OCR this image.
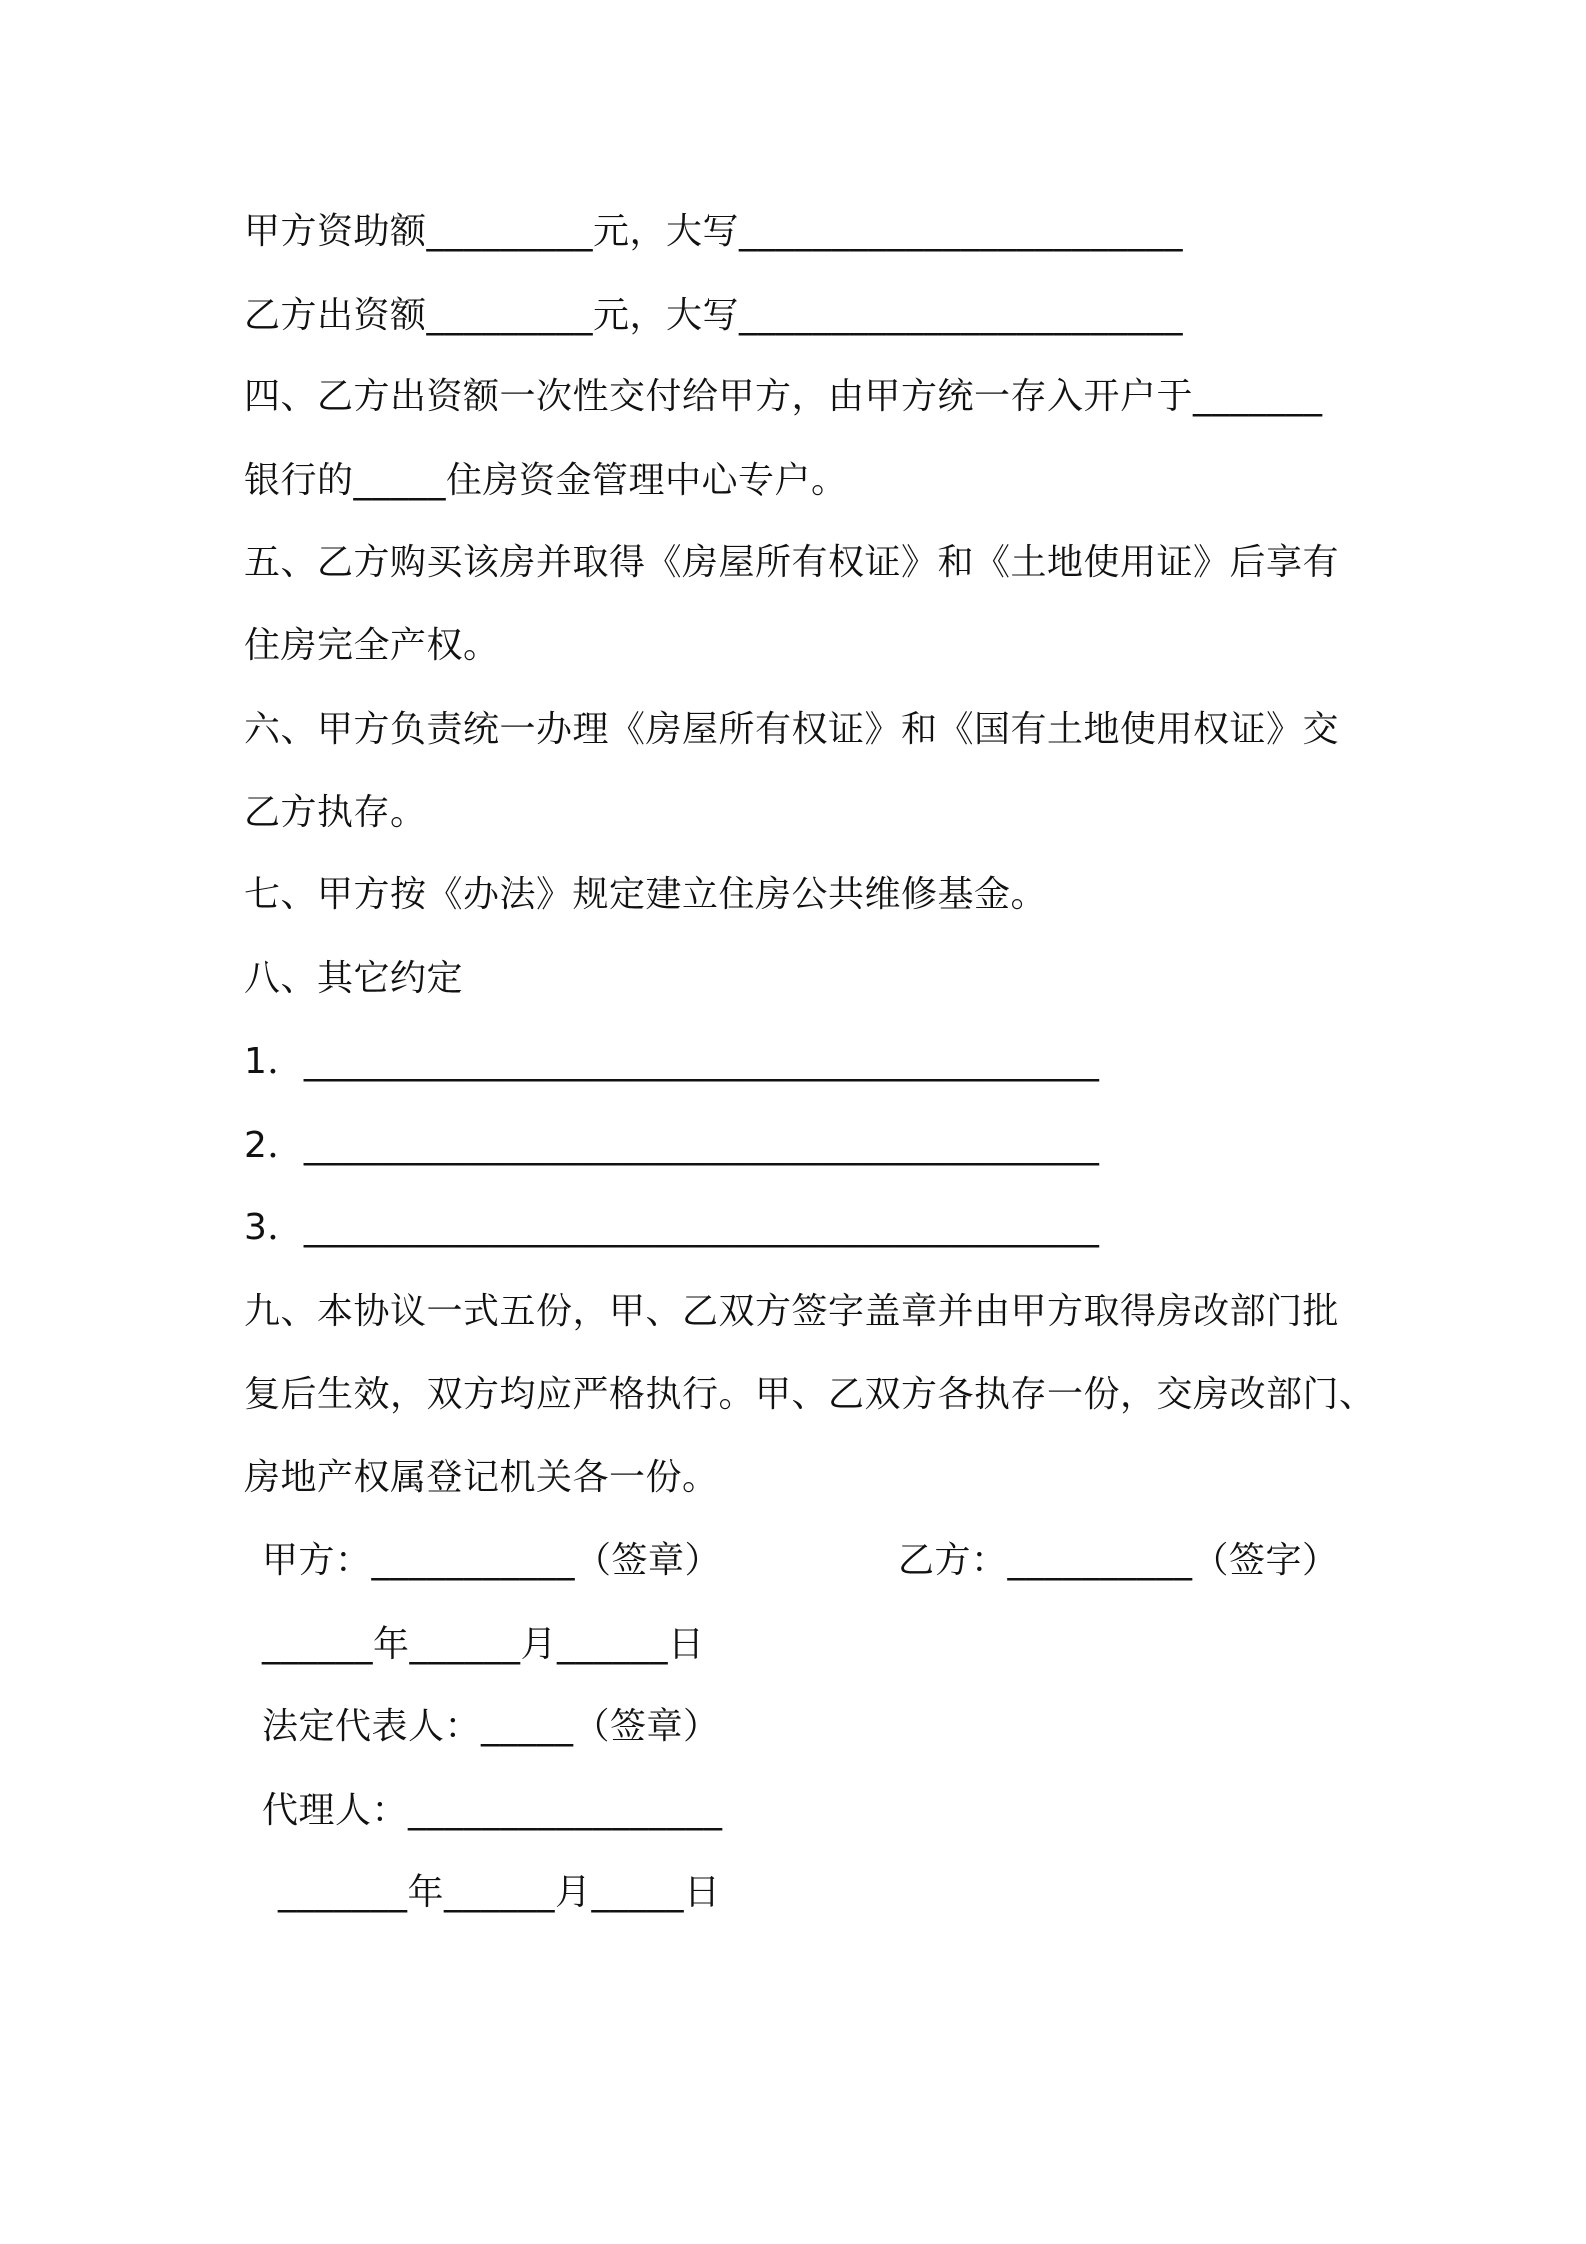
甲方资助额_________元，大写________________________
乙方出资额_________元，大写________________________
四、乙方出资额一次性交付给甲方，由甲方统一存入开户于_______
银行的_____住房资金管理中心专户。
五、乙方购买该房并取得《房屋所有权证》和《土地使用证》后享有
住房完全产权。
六、甲方负责统一办理《房屋所有权证》和《国有土地使用权证》交
乙方执存。
七、甲方按《办法》规定建立住房公共维修基金。
八、其它约定
1．___________________________________________
2．___________________________________________
3．___________________________________________
九、本协议一式五份，甲、乙双方签字盖章并由甲方取得房改部门批
复后生效，双方均应严格执行。甲、乙双方各执存一份，交房改部门、
房地产权属登记机关各一份。
甲方：___________（签章）	乙方：__________（签字）
______年______月______日
法定代表人：_____（签章）
代理人：_________________
_______年______月_____日
